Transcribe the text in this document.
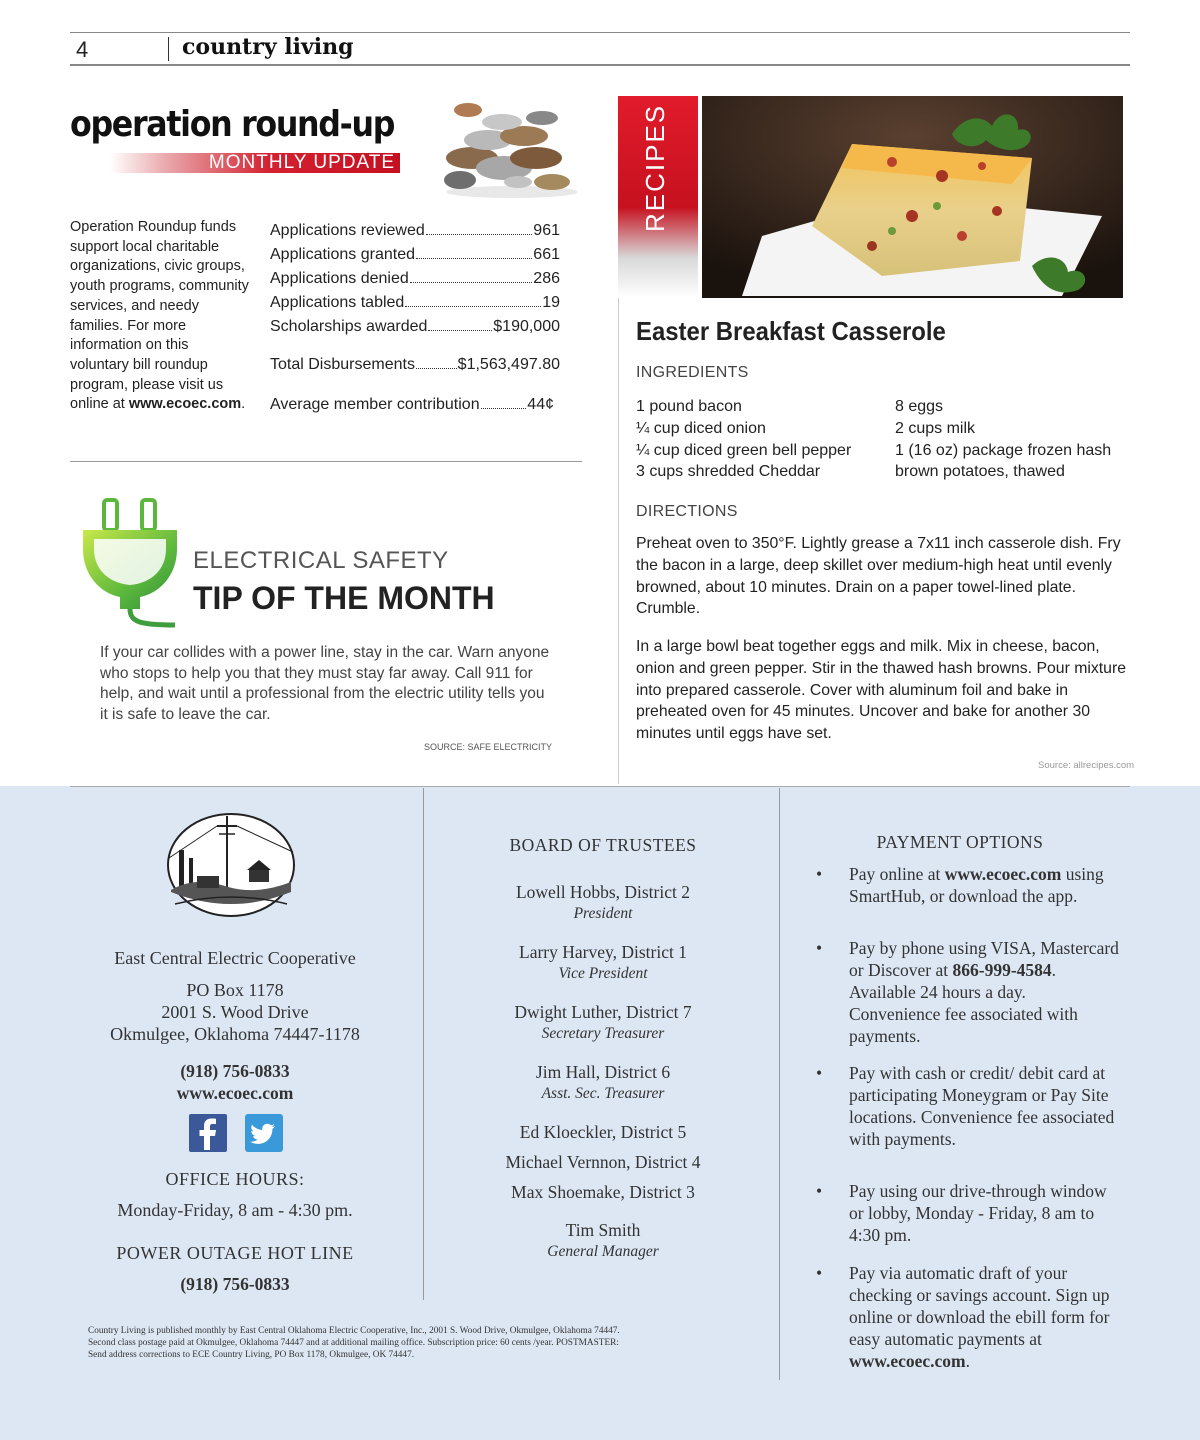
4	country living
operation round-up
MONTHLY UPDATE
Operation Roundup funds support local charitable organizations, civic groups, youth programs, community services, and needy families. For more information on this voluntary bill roundup program, please visit us online at www.ecoec.com.
Applications reviewed	961
Applications granted	661
Applications denied	286
Applications tabled	19
Scholarships awarded	$190,000
Total Disbursements	$1,563,497.80
Average member contribution	44¢
ELECTRICAL SAFETY
TIP OF THE MONTH
If your car collides with a power line, stay in the car. Warn anyone who stops to help you that they must stay far away. Call 911 for help, and wait until a professional from the electric utility tells you it is safe to leave the car.
SOURCE: SAFE ELECTRICITY
RECIPES
Easter Breakfast Casserole
INGREDIENTS
1 pound bacon
¼ cup diced onion
¼ cup diced green bell pepper
3 cups shredded Cheddar
8 eggs
2 cups milk
1 (16 oz) package frozen hash
brown potatoes, thawed
DIRECTIONS
Preheat oven to 350°F. Lightly grease a 7x11 inch casserole dish. Fry the bacon in a large, deep skillet over medium-high heat until evenly browned, about 10 minutes. Drain on a paper towel-lined plate. Crumble.
In a large bowl beat together eggs and milk. Mix in cheese, bacon, onion and green pepper. Stir in the thawed hash browns. Pour mixture into prepared casserole. Cover with aluminum foil and bake in preheated oven for 45 minutes. Uncover and bake for another 30 minutes until eggs have set.
Source: allrecipes.com
East Central Electric Cooperative
PO Box 1178
2001 S. Wood Drive
Okmulgee, Oklahoma 74447-1178
(918) 756-0833
www.ecoec.com
OFFICE HOURS:
Monday-Friday, 8 am - 4:30 pm.
POWER OUTAGE HOT LINE
(918) 756-0833
Country Living is published monthly by East Central Oklahoma Electric Cooperative, Inc., 2001 S. Wood Drive, Okmulgee, Oklahoma 74447.
Second class postage paid at Okmulgee, Oklahoma 74447 and at additional mailing office. Subscription price: 60 cents /year. POSTMASTER:
Send address corrections to ECE Country Living, PO Box 1178, Okmulgee, OK 74447.
BOARD OF TRUSTEES
Lowell Hobbs, District 2
President
Larry Harvey, District 1
Vice President
Dwight Luther, District 7
Secretary Treasurer
Jim Hall, District 6
Asst. Sec. Treasurer
Ed Kloeckler, District 5
Michael Vernnon, District 4
Max Shoemake, District 3
Tim Smith
General Manager
PAYMENT OPTIONS
• Pay online at www.ecoec.com using SmartHub, or download the app.
• Pay by phone using VISA, Mastercard or Discover at 866-999-4584. Available 24 hours a day. Convenience fee associated with payments.
• Pay with cash or credit/ debit card at participating Moneygram or Pay Site locations. Convenience fee associated with payments.
• Pay using our drive-through window or lobby, Monday - Friday, 8 am to 4:30 pm.
• Pay via automatic draft of your checking or savings account. Sign up online or download the ebill form for easy automatic payments at www.ecoec.com.
